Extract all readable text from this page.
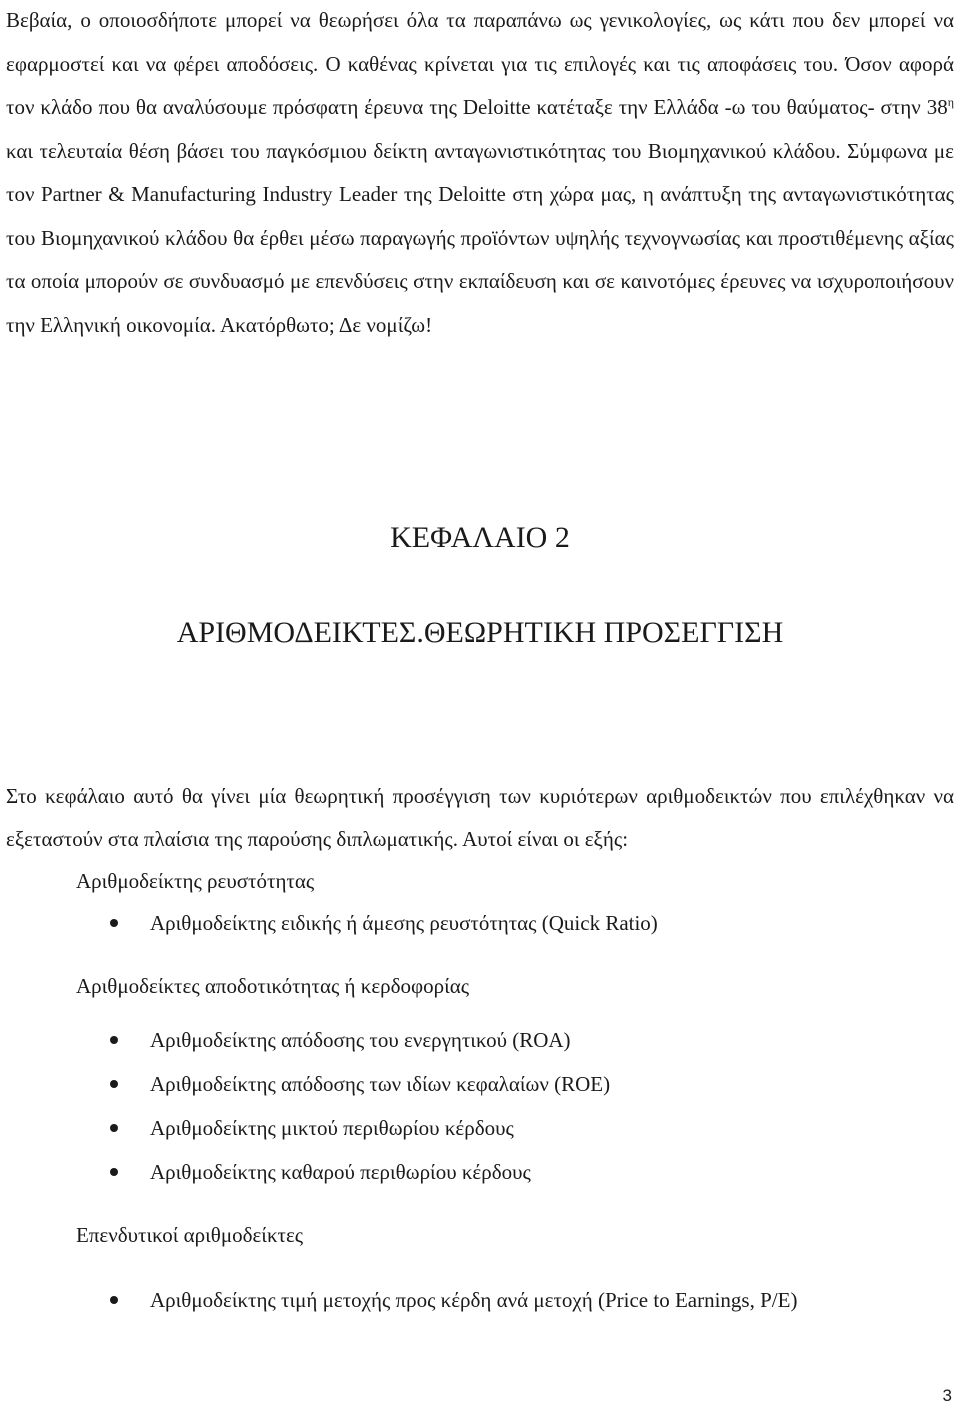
Βεβαία, ο οποιοσδήποτε μπορεί να θεωρήσει όλα τα παραπάνω ως γενικολογίες, ως κάτι που δεν μπορεί να εφαρμοστεί και να φέρει αποδόσεις. Ο καθένας κρίνεται για τις επιλογές και τις αποφάσεις του. Όσον αφορά τον κλάδο που θα αναλύσουμε πρόσφατη έρευνα της Deloitte κατέταξε την Ελλάδα -ω του θαύματος- στην $38^\eta$ και τελευταία θέση βάσει του παγκόσμιου δείκτη ανταγωνιστικότητας του Βιομηχανικού κλάδου. Σύμφωνα με τον Partner & Manufacturing Industry Leader της Deloitte στη χώρα μας, η ανάπτυξη της ανταγωνιστικότητας του Βιομηχανικού κλάδου θα έρθει μέσω παραγωγής προϊόντων υψηλής τεχνογνωσίας και προστιθέμενης αξίας τα οποία μπορούν σε συνδυασμό με επενδύσεις στην εκπαίδευση και σε καινοτόμες έρευνες να ισχυροποιήσουν την Ελληνική οικονομία. Ακατόρθωτο; Δε νομίζω!

ΚΕΦΑΛΑΙΟ 2
ΑΡΙΘΜΟΔΕΙΚΤΕΣ.ΘΕΩΡΗΤΙΚΗ ΠΡΟΣΕΓΓΙΣΗ

Στο κεφάλαιο αυτό θα γίνει μία θεωρητική προσέγγιση των κυριότερων αριθμοδεικτών που επιλέχθηκαν να εξεταστούν στα πλαίσια της παρούσης διπλωματικής. Αυτοί είναι οι εξής:

Αριθμοδείκτης ρευστότητας

Αριθμοδείκτης ειδικής ή άμεσης ρευστότητας (Quick Ratio)

Αριθμοδείκτες αποδοτικότητας ή κερδοφορίας

Αριθμοδείκτης απόδοσης του ενεργητικού (ROA)
Αριθμοδείκτης απόδοσης των ιδίων κεφαλαίων (ROE)
Αριθμοδείκτης μικτού περιθωρίου κέρδους
Αριθμοδείκτης καθαρού περιθωρίου κέρδους

Επενδυτικοί αριθμοδείκτες

Αριθμοδείκτης τιμή μετοχής προς κέρδη ανά μετοχή (Price to Earnings, P/E)
3
